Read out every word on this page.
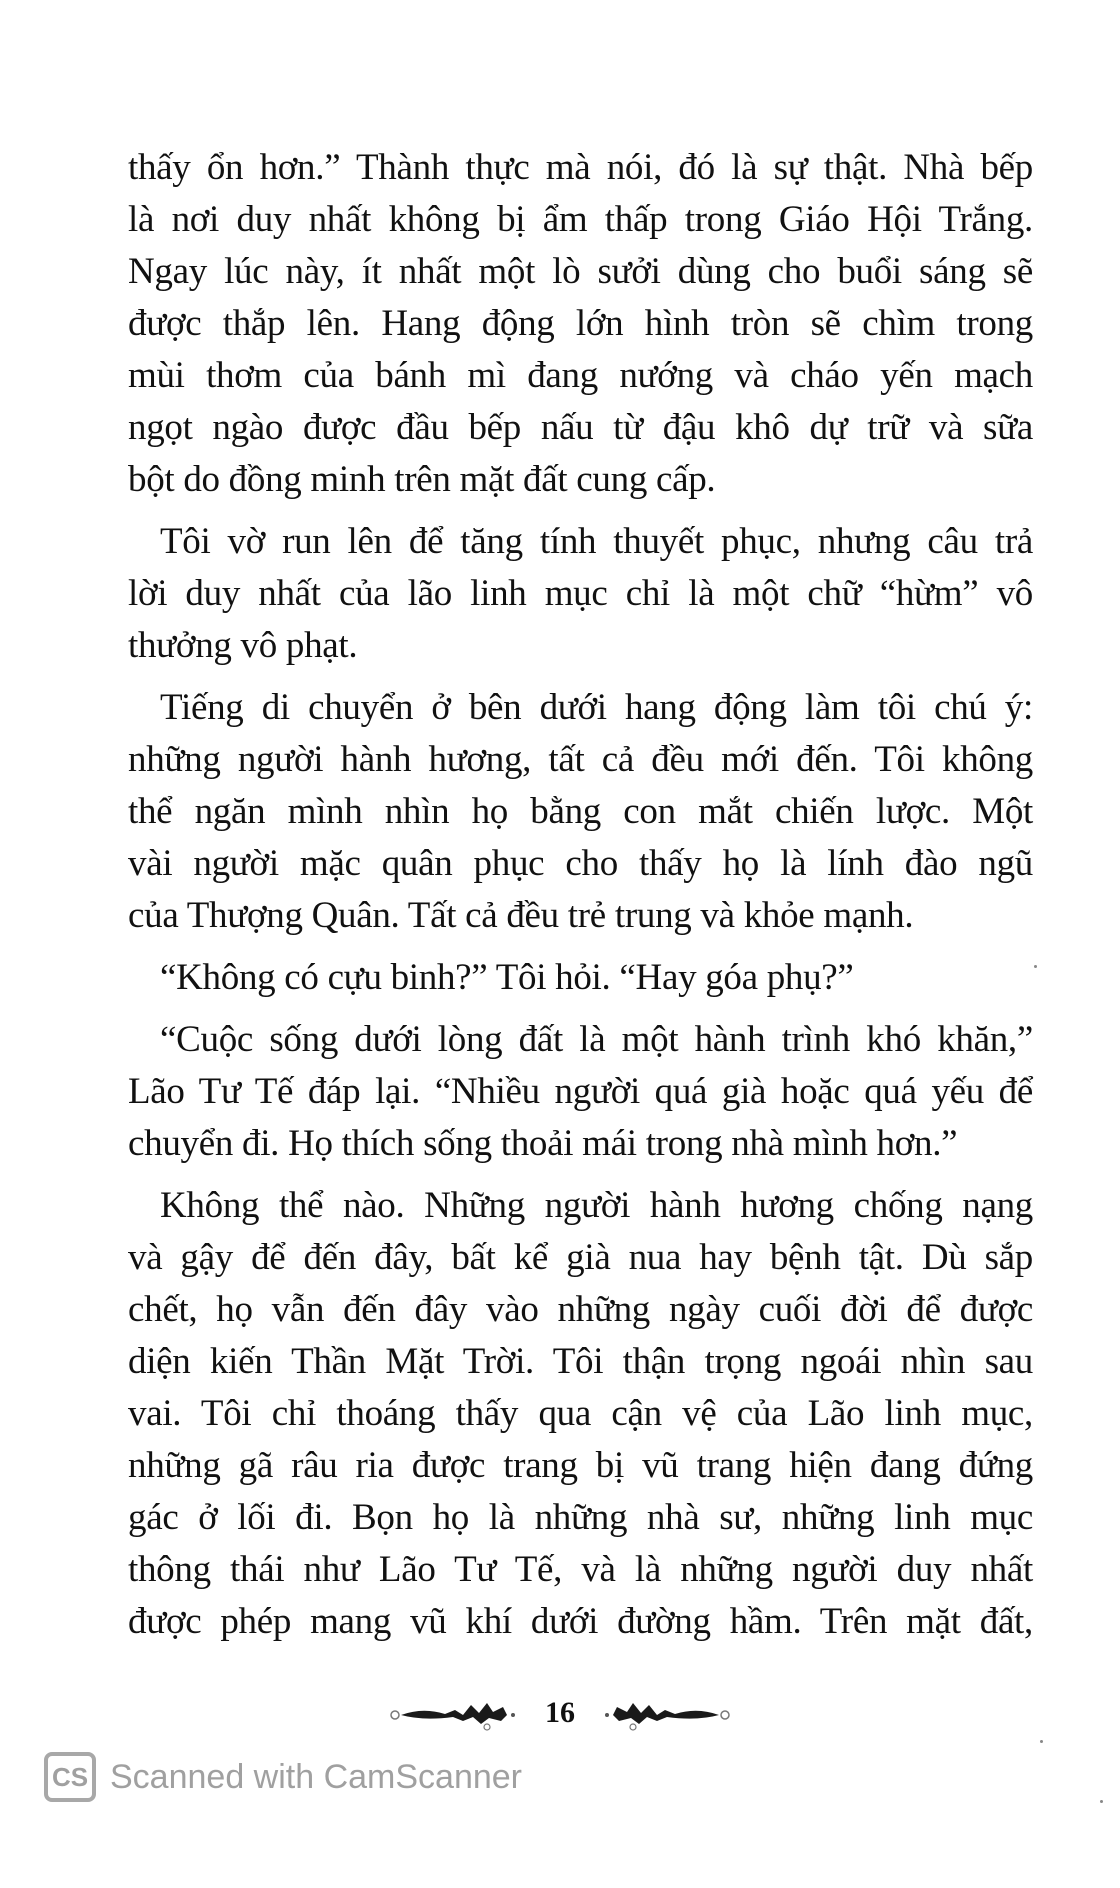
thấy ổn hơn.” Thành thực mà nói, đó là sự thật. Nhà bếp
là nơi duy nhất không bị ẩm thấp trong Giáo Hội Trắng.
Ngay lúc này, ít nhất một lò sưởi dùng cho buổi sáng sẽ
được thắp lên. Hang động lớn hình tròn sẽ chìm trong
mùi thơm của bánh mì đang nướng và cháo yến mạch
ngọt ngào được đầu bếp nấu từ đậu khô dự trữ và sữa
bột do đồng minh trên mặt đất cung cấp.
Tôi vờ run lên để tăng tính thuyết phục, nhưng câu trả
lời duy nhất của lão linh mục chỉ là một chữ “hừm” vô
thưởng vô phạt.
Tiếng di chuyển ở bên dưới hang động làm tôi chú ý:
những người hành hương, tất cả đều mới đến. Tôi không
thể ngăn mình nhìn họ bằng con mắt chiến lược. Một
vài người mặc quân phục cho thấy họ là lính đào ngũ
của Thượng Quân. Tất cả đều trẻ trung và khỏe mạnh.
“Không có cựu binh?” Tôi hỏi. “Hay góa phụ?”
“Cuộc sống dưới lòng đất là một hành trình khó khăn,”
Lão Tư Tế đáp lại. “Nhiều người quá già hoặc quá yếu để
chuyển đi. Họ thích sống thoải mái trong nhà mình hơn.”
Không thể nào. Những người hành hương chống nạng
và gậy để đến đây, bất kể già nua hay bệnh tật. Dù sắp
chết, họ vẫn đến đây vào những ngày cuối đời để được
diện kiến Thần Mặt Trời. Tôi thận trọng ngoái nhìn sau
vai. Tôi chỉ thoáng thấy qua cận vệ của Lão linh mục,
những gã râu ria được trang bị vũ trang hiện đang đứng
gác ở lối đi. Bọn họ là những nhà sư, những linh mục
thông thái như Lão Tư Tế, và là những người duy nhất
được phép mang vũ khí dưới đường hầm. Trên mặt đất,
16
CS Scanned with CamScanner
